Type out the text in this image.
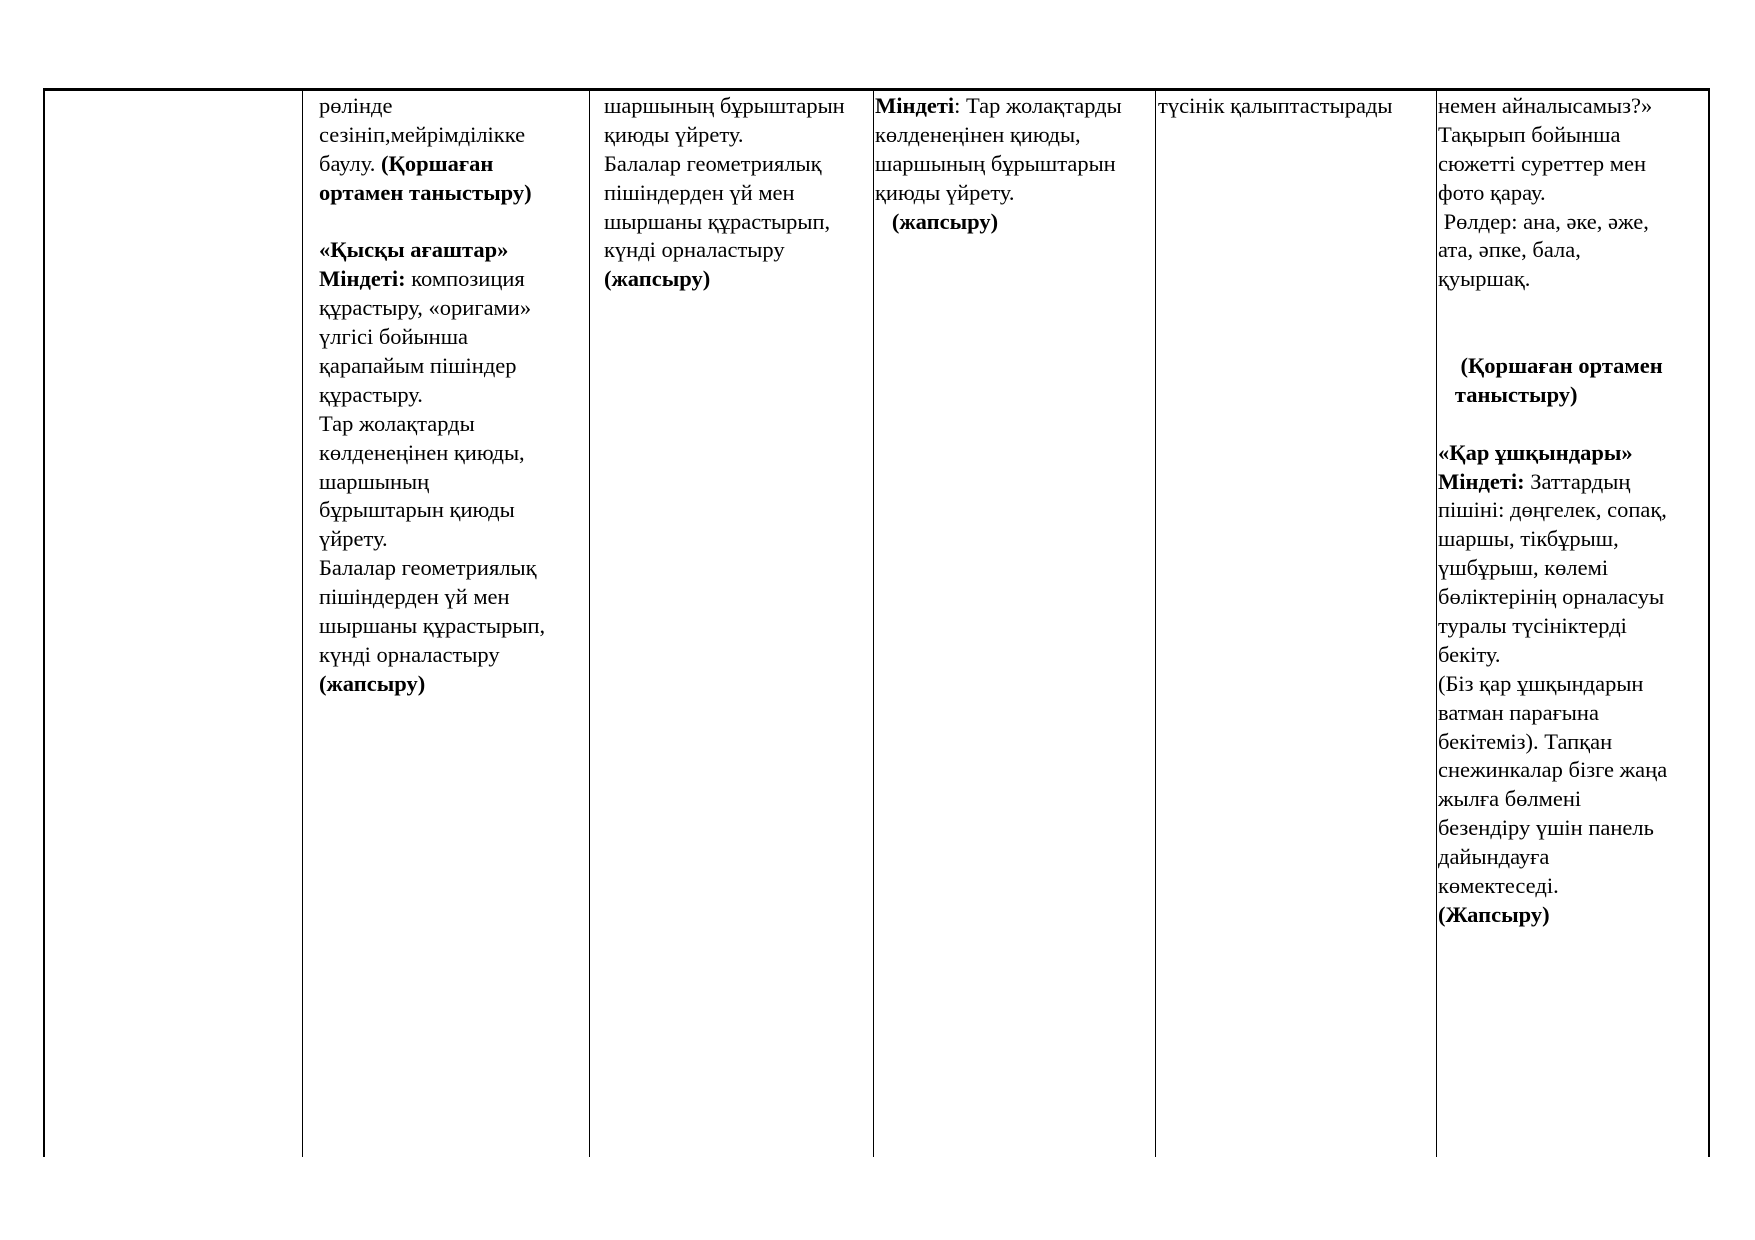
рөлінде
сезініп,мейрімділікке
баулу. (Қоршаған
ортамен таныстыру)
«Қысқы ағаштар»
Міндеті: композиция
құрастыру, «оригами»
үлгісі бойынша
қарапайым пішіндер
құрастыру.
Тар жолақтарды
көлденеңінен қиюды,
шаршының
бұрыштарын қиюды
үйрету.
Балалар геометриялық
пішіндерден үй мен
шыршаны құрастырып,
күнді орналастыру
(жапсыру)
шаршының бұрыштарын
қиюды үйрету.
Балалар геометриялық
пішіндерден үй мен
шыршаны құрастырып,
күнді орналастыру
(жапсыру)
Міндеті: Тар жолақтарды
көлденеңінен қиюды,
шаршының бұрыштарын
қиюды үйрету.
(жапсыру)
түсінік қалыптастырады немен айналысамыз?»
Тақырып бойынша
сюжетті суреттер мен
фото қарау.
Рөлдер: ана, әке, әже,
ата, әпке, бала,
қуыршақ.
(Қоршаған ортамен
таныстыру)
«Қар ұшқындары»
Міндеті: Заттардың
пішіні: дөңгелек, сопақ,
шаршы, тікбұрыш,
үшбұрыш, көлемі
бөліктерінің орналасуы
туралы түсініктерді
бекіту.
(Біз қар ұшқындарын
ватман парағына
бекітеміз). Тапқан
снежинкалар бізге жаңа
жылға бөлмені
безендіру үшін панель
дайындауға
көмектеседі.
(Жапсыру)
